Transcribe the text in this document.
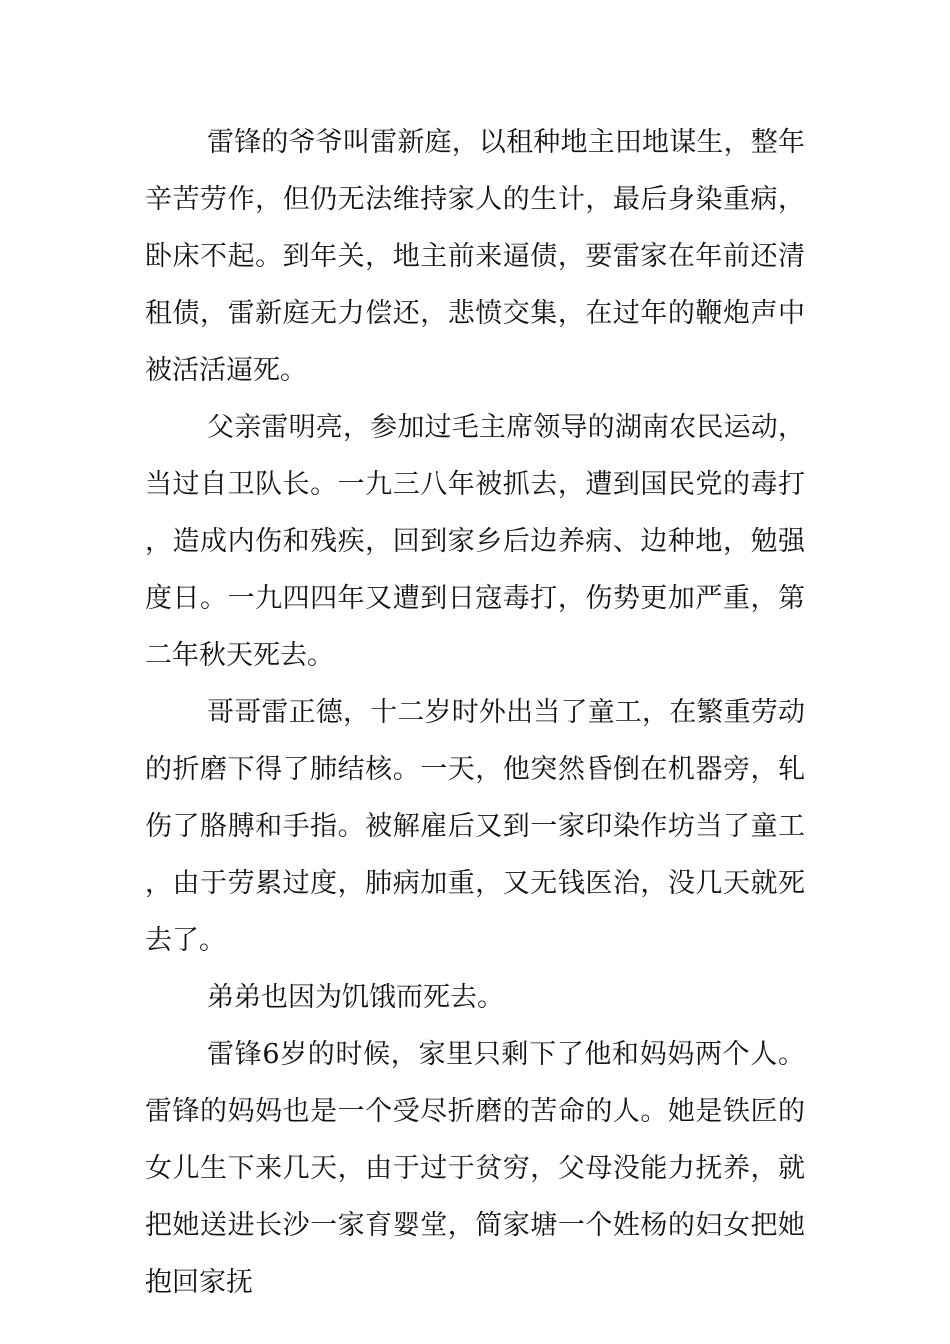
雷锋的爷爷叫雷新庭，以租种地主田地谋生，整年辛苦劳作，但仍无法维持家人的生计，最后身染重病，卧床不起。到年关，地主前来逼债，要雷家在年前还清租债，雷新庭无力偿还，悲愤交集，在过年的鞭炮声中被活活逼死。

父亲雷明亮，参加过毛主席领导的湖南农民运动，当过自卫队长。一九三八年被抓去，遭到国民党的毒打，造成内伤和残疾，回到家乡后边养病、边种地，勉强度日。一九四四年又遭到日寇毒打，伤势更加严重，第二年秋天死去。

哥哥雷正德，十二岁时外出当了童工，在繁重劳动的折磨下得了肺结核。一天，他突然昏倒在机器旁，轧伤了胳膊和手指。被解雇后又到一家印染作坊当了童工，由于劳累过度，肺病加重，又无钱医治，没几天就死去了。

弟弟也因为饥饿而死去。

雷锋6岁的时候，家里只剩下了他和妈妈两个人。雷锋的妈妈也是一个受尽折磨的苦命的人。她是铁匠的女儿生下来几天，由于过于贫穷，父母没能力抚养，就把她送进长沙一家育婴堂，简家塘一个姓杨的妇女把她抱回家抚
